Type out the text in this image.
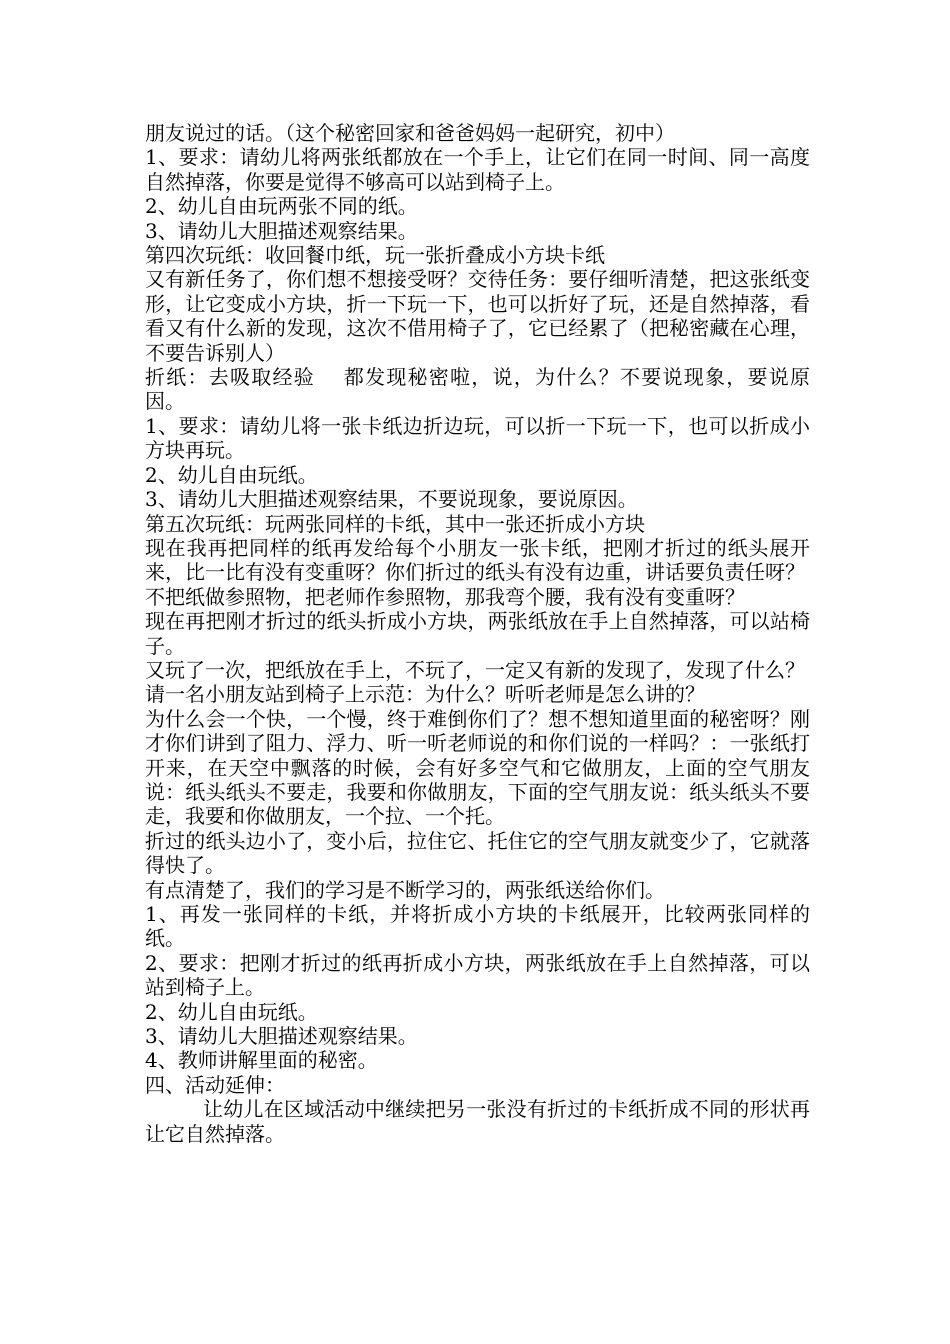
朋友说过的话。（这个秘密回家和爸爸妈妈一起研究，初中）

1、要求：请幼儿将两张纸都放在一个手上，让它们在同一时间、同一高度自然掉落，你要是觉得不够高可以站到椅子上。

2、幼儿自由玩两张不同的纸。

3、请幼儿大胆描述观察结果。

第四次玩纸：收回餐巾纸，玩一张折叠成小方块卡纸

又有新任务了，你们想不想接受呀？交待任务：要仔细听清楚，把这张纸变形，让它变成小方块，折一下玩一下，也可以折好了玩，还是自然掉落，看看又有什么新的发现，这次不借用椅子了，它已经累了（把秘密藏在心理，不要告诉别人）

折纸：去吸取经验　 都发现秘密啦，说，为什么？不要说现象，要说原因。

1、要求：请幼儿将一张卡纸边折边玩，可以折一下玩一下，也可以折成小方块再玩。

2、幼儿自由玩纸。

3、请幼儿大胆描述观察结果，不要说现象，要说原因。

第五次玩纸：玩两张同样的卡纸，其中一张还折成小方块

现在我再把同样的纸再发给每个小朋友一张卡纸，把刚才折过的纸头展开来，比一比有没有变重呀？你们折过的纸头有没有边重，讲话要负责任呀？

不把纸做参照物，把老师作参照物，那我弯个腰，我有没有变重呀？

现在再把刚才折过的纸头折成小方块，两张纸放在手上自然掉落，可以站椅子。

又玩了一次，把纸放在手上，不玩了，一定又有新的发现了，发现了什么？

请一名小朋友站到椅子上示范：为什么？听听老师是怎么讲的？

为什么会一个快，一个慢，终于难倒你们了？想不想知道里面的秘密呀？刚才你们讲到了阻力、浮力、听一听老师说的和你们说的一样吗？：一张纸打开来，在天空中飘落的时候，会有好多空气和它做朋友，上面的空气朋友说：纸头纸头不要走，我要和你做朋友，下面的空气朋友说：纸头纸头不要走，我要和你做朋友，一个拉、一个托。

折过的纸头边小了，变小后，拉住它、托住它的空气朋友就变少了，它就落得快了。

有点清楚了，我们的学习是不断学习的，两张纸送给你们。

1、再发一张同样的卡纸，并将折成小方块的卡纸展开，比较两张同样的纸。

2、要求：把刚才折过的纸再折成小方块，两张纸放在手上自然掉落，可以站到椅子上。

2、幼儿自由玩纸。

3、请幼儿大胆描述观察结果。

4、教师讲解里面的秘密。

四、活动延伸：

让幼儿在区域活动中继续把另一张没有折过的卡纸折成不同的形状再让它自然掉落。
